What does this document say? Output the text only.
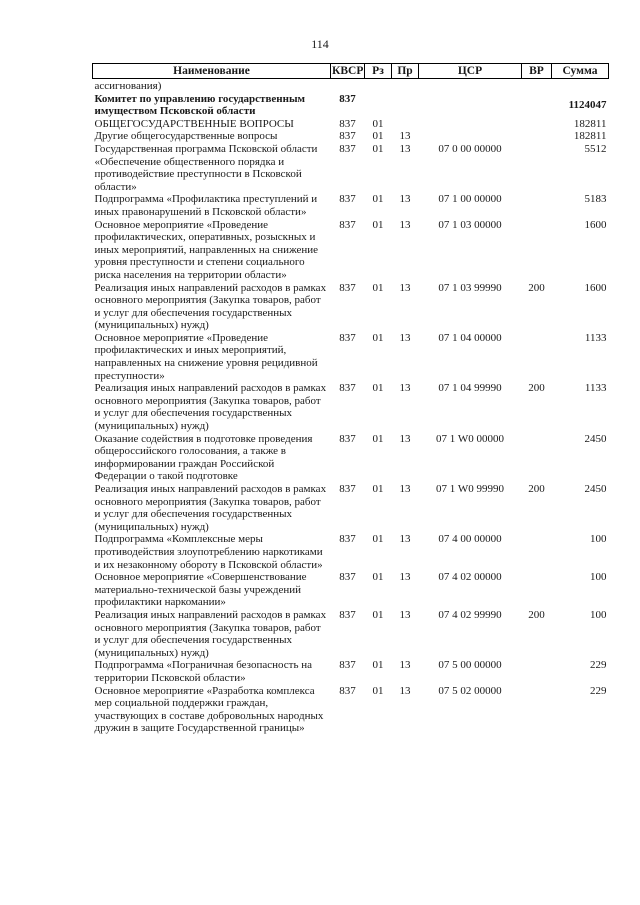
114
Наименование	КВСР	Рз	Пр	ЦСР	ВР	Сумма
ассигнования)						
Комитет по управлению государственным имуществом Псковской области	837					1124047
ОБЩЕГОСУДАРСТВЕННЫЕ ВОПРОСЫ	837	01				182811
Другие общегосударственные вопросы	837	01	13			182811
Государственная программа Псковской области «Обеспечение общественного порядка и противодействие преступности в Псковской области»	837	01	13	07 0 00 00000		5512
Подпрограмма «Профилактика преступлений и иных правонарушений в Псковской области»	837	01	13	07 1 00 00000		5183
Основное мероприятие «Проведение профилактических, оперативных, розыскных и иных мероприятий, направленных на снижение уровня преступности и степени социального риска населения на территории области»	837	01	13	07 1 03 00000		1600
Реализация иных направлений расходов в рамках основного мероприятия (Закупка товаров, работ и услуг для обеспечения государственных (муниципальных) нужд)	837	01	13	07 1 03 99990	200	1600
Основное мероприятие «Проведение профилактических и иных мероприятий, направленных на снижение уровня рецидивной преступности»	837	01	13	07 1 04 00000		1133
Реализация иных направлений расходов в рамках основного мероприятия (Закупка товаров, работ и услуг для обеспечения государственных (муниципальных) нужд)	837	01	13	07 1 04 99990	200	1133
Оказание содействия в подготовке проведения общероссийского голосования, а также в информировании граждан Российской Федерации о такой подготовке	837	01	13	07 1 W0 00000		2450
Реализация иных направлений расходов в рамках основного мероприятия (Закупка товаров, работ и услуг для обеспечения государственных (муниципальных) нужд)	837	01	13	07 1 W0 99990	200	2450
Подпрограмма «Комплексные меры противодействия злоупотреблению наркотиками и их незаконному обороту в Псковской области»	837	01	13	07 4 00 00000		100
Основное мероприятие «Совершенствование материально-технической базы учреждений профилактики наркомании»	837	01	13	07 4 02 00000		100
Реализация иных направлений расходов в рамках основного мероприятия (Закупка товаров, работ и услуг для обеспечения государственных (муниципальных) нужд)	837	01	13	07 4 02 99990	200	100
Подпрограмма «Пограничная безопасность на территории Псковской области»	837	01	13	07 5 00 00000		229
Основное мероприятие «Разработка комплекса мер социальной поддержки граждан, участвующих в составе добровольных народных дружин в защите Государственной границы»	837	01	13	07 5 02 00000		229
